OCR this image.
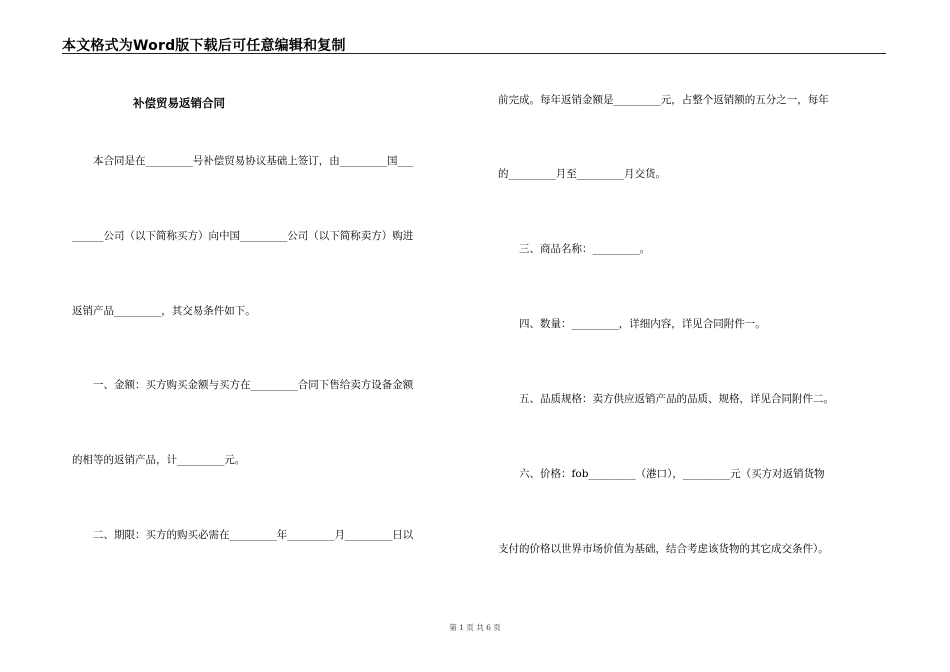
本文格式为Word版下载后可任意编辑和复制
补偿贸易返销合同
　　本合同是在_________号补偿贸易协议基础上签订，由_________国___
______公司（以下简称买方）向中国_________公司（以下简称卖方）购进
返销产品_________，其交易条件如下。
　　一、金额：买方购买金额与买方在_________合同下售给卖方设备金额
的相等的返销产品，计_________元。
　　二、期限：买方的购买必需在_________年_________月_________日以
前完成。每年返销金额是_________元，占整个返销额的五分之一，每年
的_________月至_________月交货。
　　三、商品名称：_________。
　　四、数量：_________，详细内容，详见合同附件一。
　　五、品质规格：卖方供应返销产品的品质、规格，详见合同附件二。
　　六、价格：fob_________（港口），_________元（买方对返销货物
支付的价格以世界市场价值为基础，结合考虑该货物的其它成交条件）。
第 1 页 共 6 页
